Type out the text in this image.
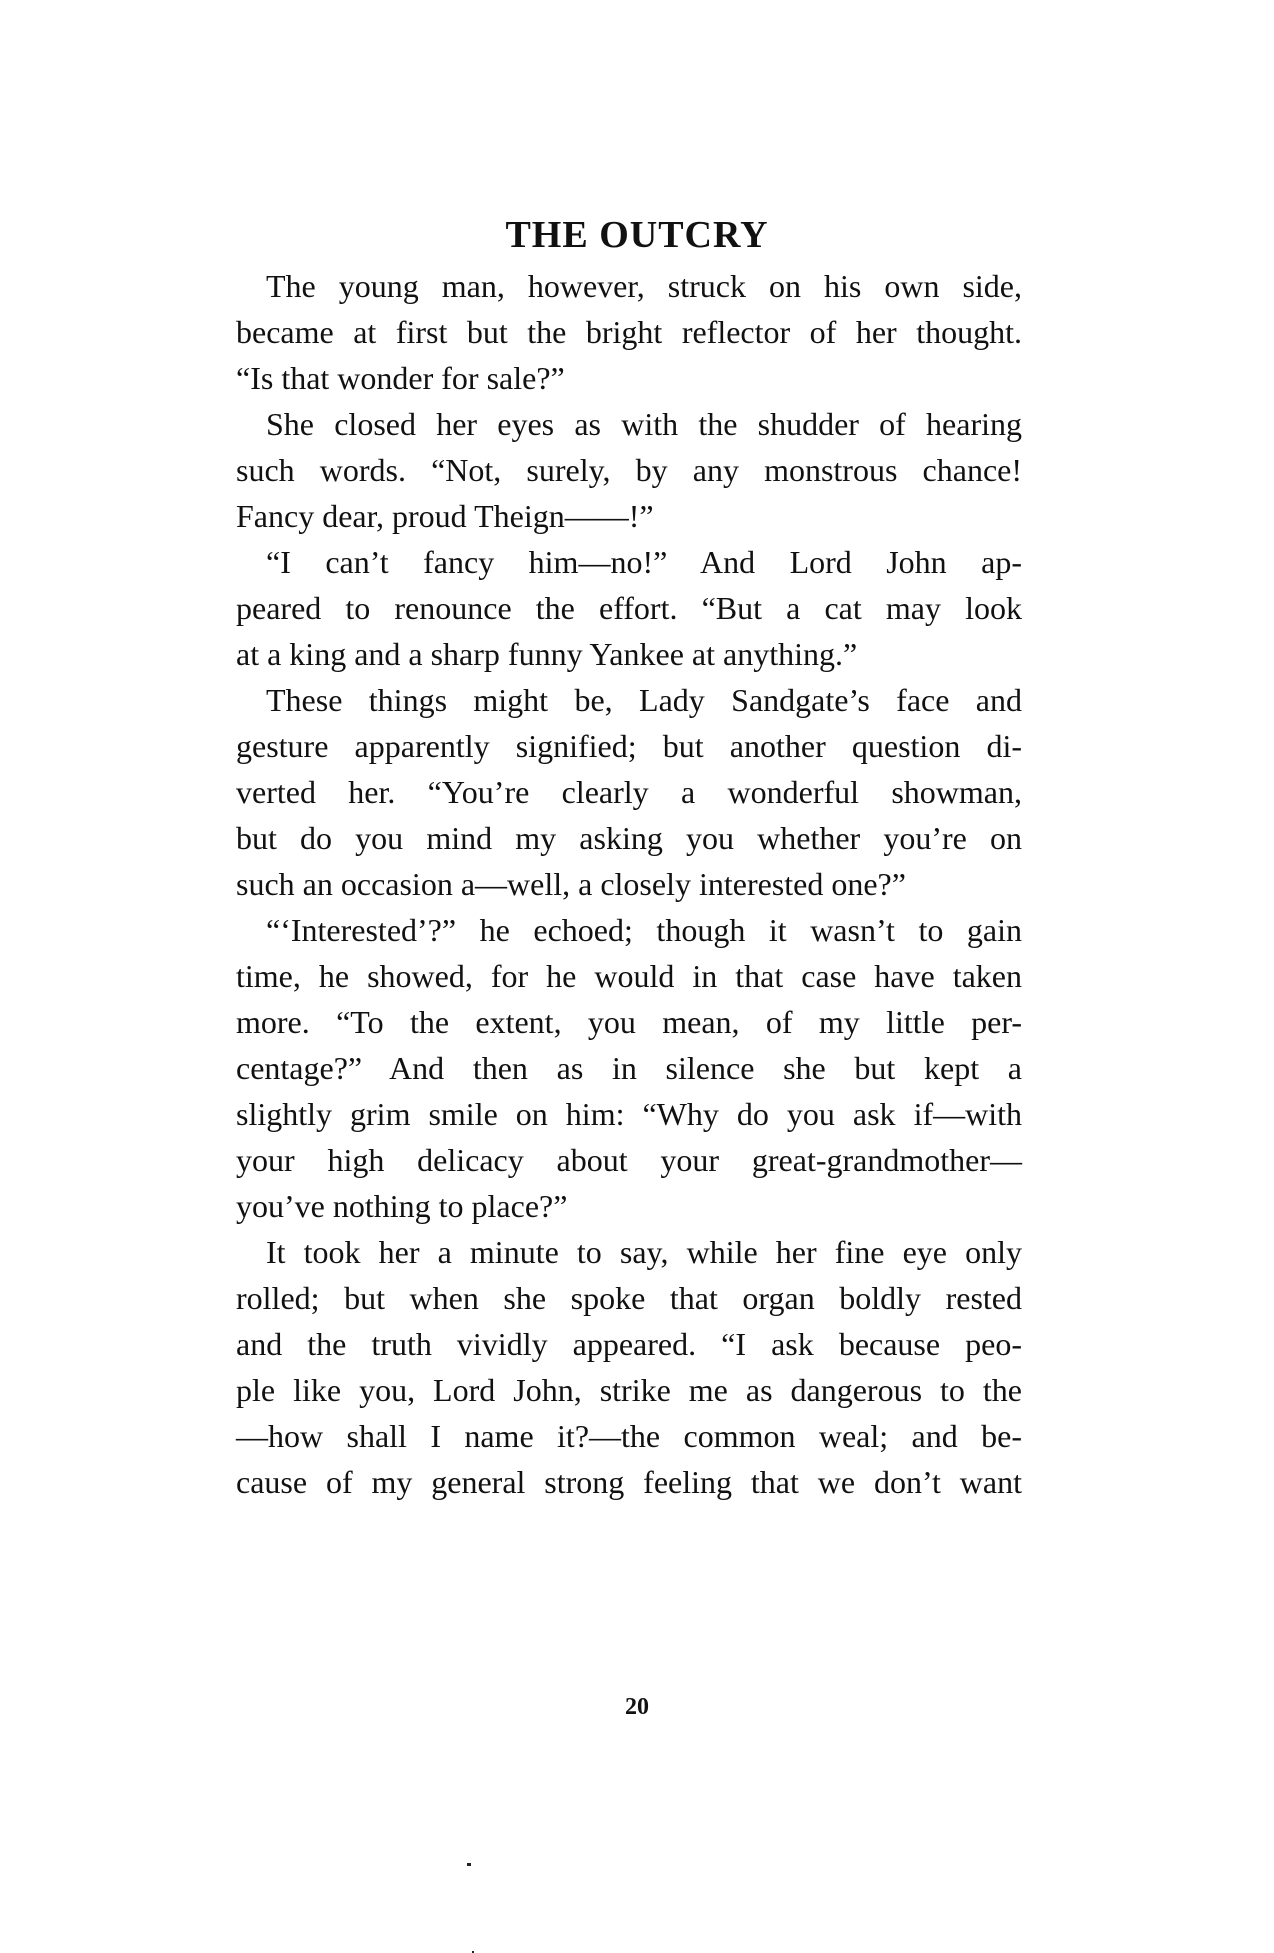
THE OUTCRY

The young man, however, struck on his own side,
became at first but the bright reflector of her thought.
“Is that wonder for sale?”

She closed her eyes as with the shudder of hearing
such words. “Not, surely, by any monstrous chance!
Fancy dear, proud Theign——!”

“I can’t fancy him—no!” And Lord John ap-
peared to renounce the effort. “But a cat may look
at a king and a sharp funny Yankee at anything.”

These things might be, Lady Sandgate’s face and
gesture apparently signified; but another question di-
verted her. “You’re clearly a wonderful showman,
but do you mind my asking you whether you’re on
such an occasion a—well, a closely interested one?”

“‘Interested’?” he echoed; though it wasn’t to gain
time, he showed, for he would in that case have taken
more. “To the extent, you mean, of my little per-
centage?” And then as in silence she but kept a
slightly grim smile on him: “Why do you ask if—with
your high delicacy about your great-grandmother—
you’ve nothing to place?”

It took her a minute to say, while her fine eye only
rolled; but when she spoke that organ boldly rested
and the truth vividly appeared. “I ask because peo-
ple like you, Lord John, strike me as dangerous to the
—how shall I name it?—the common weal; and be-
cause of my general strong feeling that we don’t want

20
